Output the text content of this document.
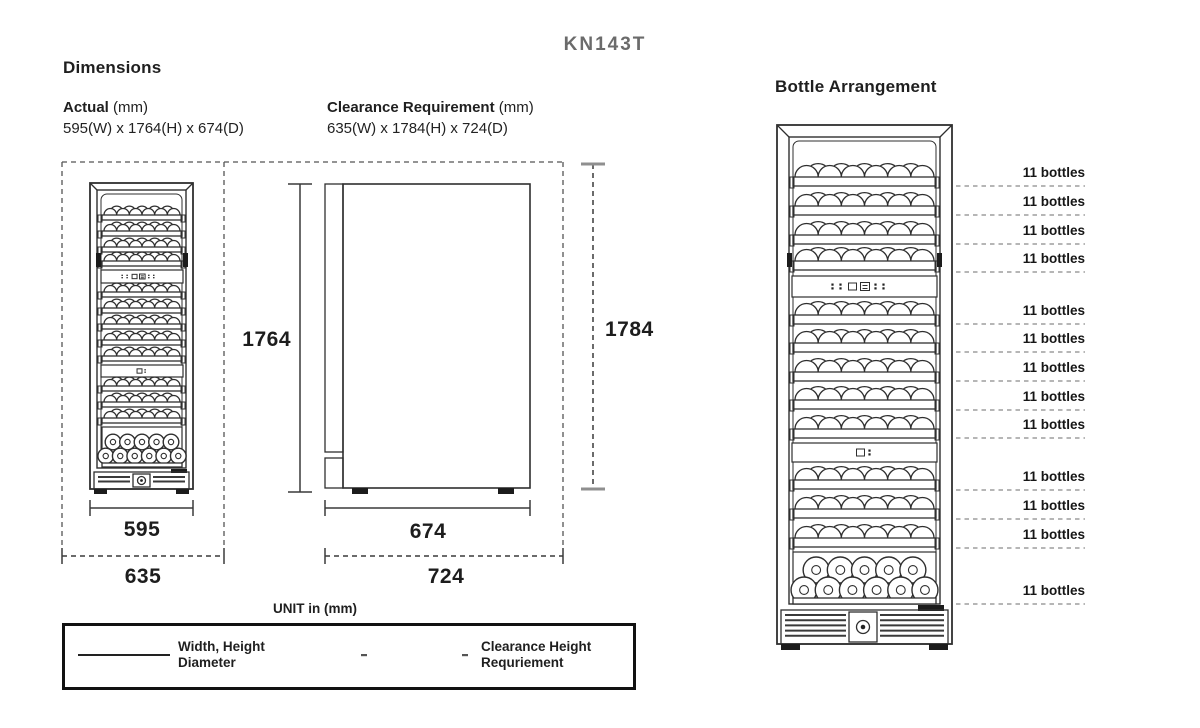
KN143T
Dimensions
Actual (mm)
595(W) x 1764(H) x 674(D)
Clearance Requirement (mm)
635(W) x 1784(H) x 724(D)
1764
595
635
674
724
1784
UNIT in (mm)
Width, Height
Diameter
Clearance Height
Requriement
Bottle Arrangement
11 bottles
11 bottles
11 bottles
11 bottles
11 bottles
11 bottles
11 bottles
11 bottles
11 bottles
11 bottles
11 bottles
11 bottles
11 bottles
